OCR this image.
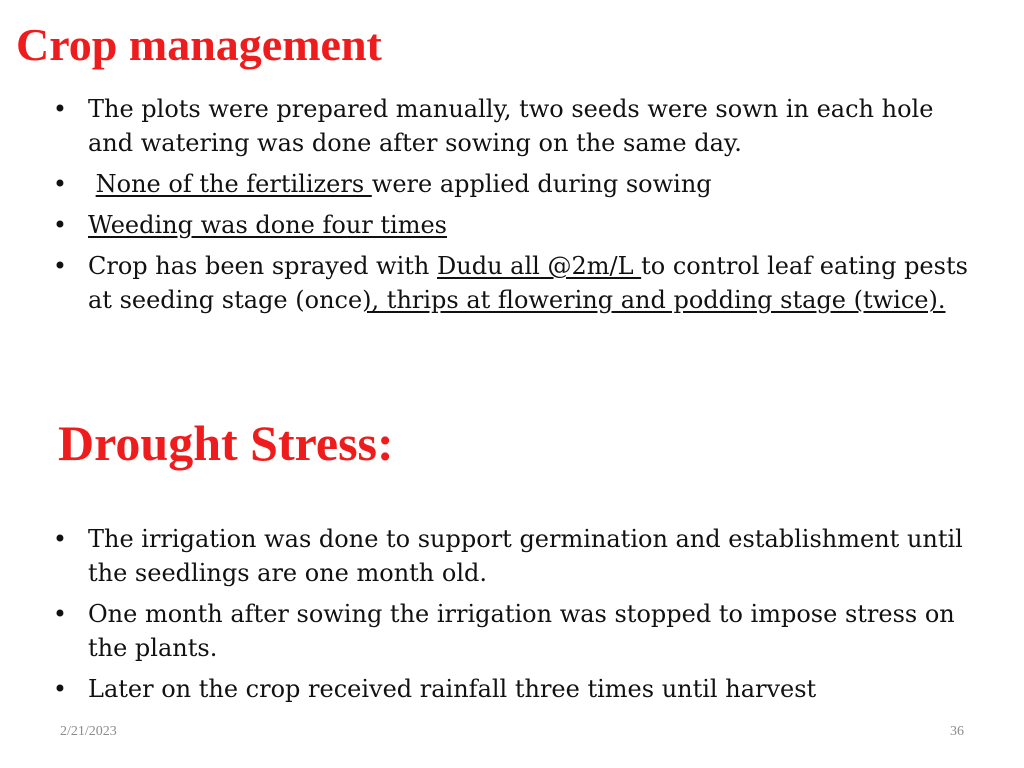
Crop management
• The plots were prepared manually, two seeds were sown in each hole and watering was done after sowing on the same day.
• None of the fertilizers were applied during sowing
• Weeding was done four times
• Crop has been sprayed with Dudu all @2m/L to control leaf eating pests at seeding stage (once), thrips at flowering and podding stage (twice).
Drought Stress:
• The irrigation was done to support germination and establishment until the seedlings are one month old.
• One month after sowing the irrigation was stopped to impose stress on the plants.
• Later on the crop received rainfall three times until harvest
2/21/2023	36
